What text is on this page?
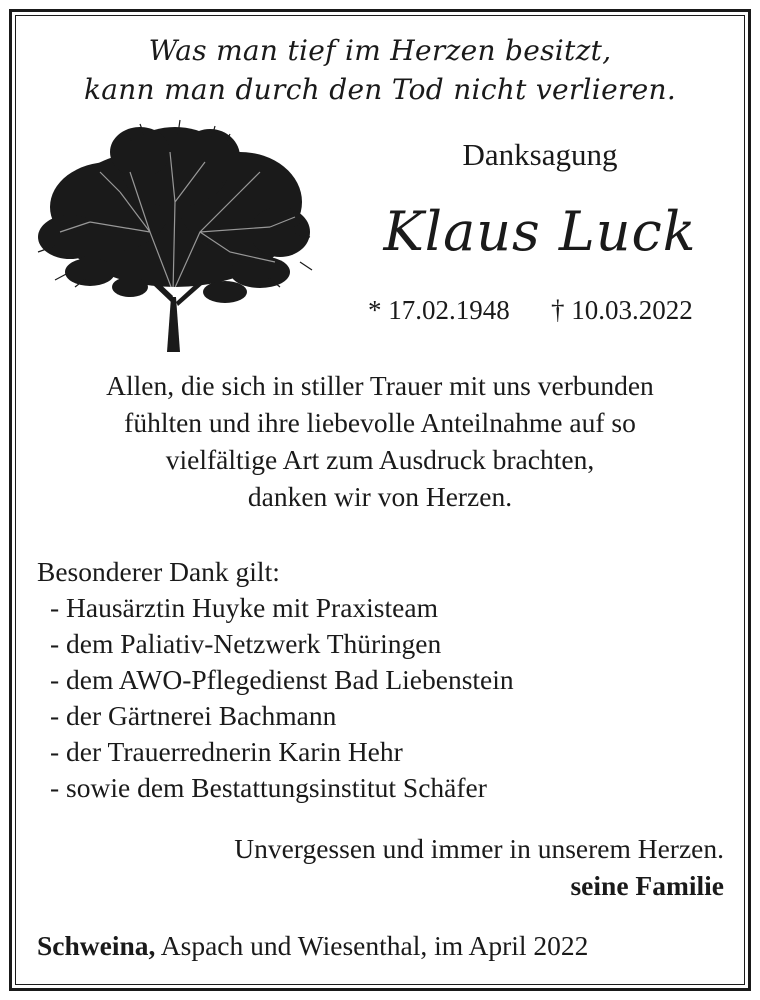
Was man tief im Herzen besitzt,
kann man durch den Tod nicht verlieren.
Danksagung
Klaus Luck
* 17.02.1948 † 10.03.2022
Allen, die sich in stiller Trauer mit uns verbunden
fühlten und ihre liebevolle Anteilnahme auf so
vielfältige Art zum Ausdruck brachten,
danken wir von Herzen.
Besonderer Dank gilt:
- Hausärztin Huyke mit Praxisteam
- dem Paliativ-Netzwerk Thüringen
- dem AWO-Pflegedienst Bad Liebenstein
- der Gärtnerei Bachmann
- der Trauerrednerin Karin Hehr
- sowie dem Bestattungsinstitut Schäfer
Unvergessen und immer in unserem Herzen.
seine Familie
Schweina, Aspach und Wiesenthal, im April 2022
